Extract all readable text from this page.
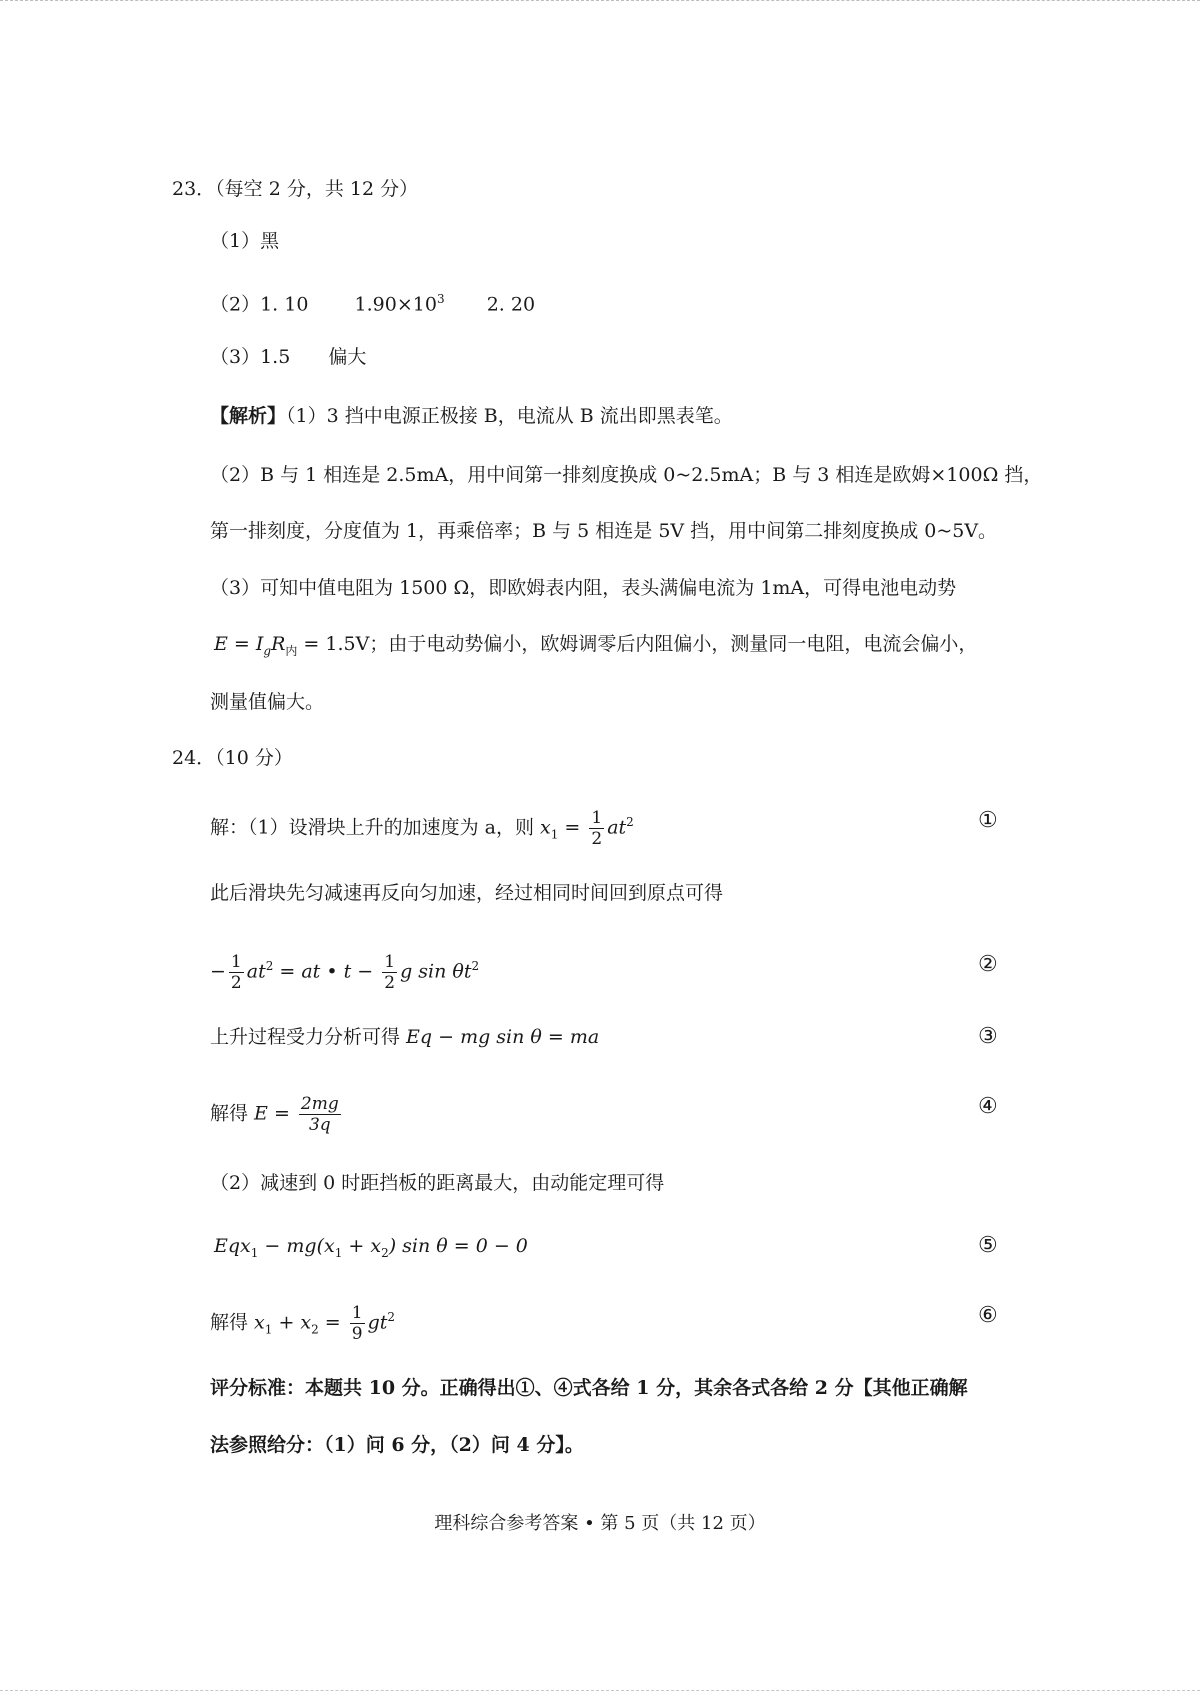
23．（每空 2 分，共 12 分）
（1）黑
（2）1. 10 $1.90\times 10^3$ 2. 20
（3）1.5 偏大
【解析】（1）3 挡中电源正极接 B，电流从 B 流出即黑表笔。
（2）B 与 1 相连是 2.5mA，用中间第一排刻度换成 0~2.5mA；B 与 3 相连是欧姆×100Ω 挡，
第一排刻度，分度值为 1，再乘倍率；B 与 5 相连是 5V 挡，用中间第二排刻度换成 0~5V。
（3）可知中值电阻为 1500 Ω，即欧姆表内阻，表头满偏电流为 1mA，可得电池电动势
$E = I_gR_内 = 1.5V$；由于电动势偏小，欧姆调零后内阻偏小，测量同一电阻，电流会偏小，
测量值偏大。
24．（10 分）
解：（1）设滑块上升的加速度为 a，则 $x_1 = \frac{1}{2} at^2$	①
此后滑块先匀减速再反向匀加速，经过相同时间回到原点可得
− $\frac{1}{2} at^2$ = at • $t - \frac{1}{2}$ g $\sin \theta t^2$	②
上升过程受力分析可得 Eq − mg sin θ = ma	③
解得 $E = \frac{2mg}{3q}$	④
（2）减速到 0 时距挡板的距离最大，由动能定理可得
$Eqx_1 - mg(x_1 + x_2)$ sin θ = 0 − 0	⑤
解得 $x_1 + x_2 = \frac{1}{9} gt^2$	⑥
评分标准：本题共 10 分。正确得出①、④式各给 1 分，其余各式各给 2 分【其他正确解
法参照给分：（1）问 6 分，（2）问 4 分】。
理科综合参考答案 • 第 5 页（共 12 页）
